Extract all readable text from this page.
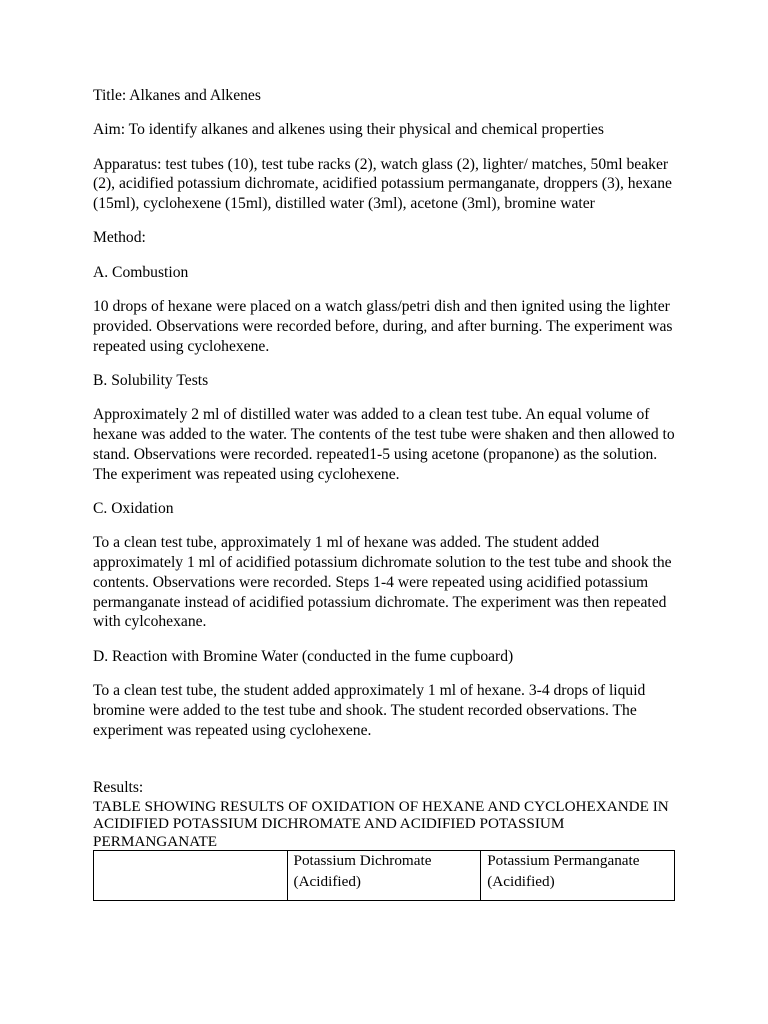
Title: Alkanes and Alkenes

Aim: To identify alkanes and alkenes using their physical and chemical properties

Apparatus: test tubes (10), test tube racks (2), watch glass (2), lighter/ matches, 50ml beaker (2), acidified potassium dichromate, acidified potassium permanganate, droppers (3), hexane (15ml), cyclohexene (15ml), distilled water (3ml), acetone (3ml), bromine water

Method:

A. Combustion

10 drops of hexane were placed on a watch glass/petri dish and then ignited using the lighter provided. Observations were recorded before, during, and after burning. The experiment was repeated using cyclohexene.

B. Solubility Tests

Approximately 2 ml of distilled water was added to a clean test tube. An equal volume of hexane was added to the water. The contents of the test tube were shaken and then allowed to stand. Observations were recorded. repeated1-5 using acetone (propanone) as the solution. The experiment was repeated using cyclohexene.

C. Oxidation

To a clean test tube, approximately 1 ml of hexane was added. The student added approximately 1 ml of acidified potassium dichromate solution to the test tube and shook the contents. Observations were recorded. Steps 1-4 were repeated using acidified potassium permanganate instead of acidified potassium dichromate. The experiment was then repeated with cylcohexane.

D. Reaction with Bromine Water (conducted in the fume cupboard)

To a clean test tube, the student added approximately 1 ml of hexane. 3-4 drops of liquid bromine were added to the test tube and shook. The student recorded observations. The experiment was repeated using cyclohexene.

Results:

TABLE SHOWING RESULTS OF OXIDATION OF HEXANE AND CYCLOHEXANDE IN ACIDIFIED POTASSIUM DICHROMATE AND ACIDIFIED POTASSIUM PERMANGANATE

	Potassium Dichromate (Acidified)	Potassium Permanganate (Acidified)
